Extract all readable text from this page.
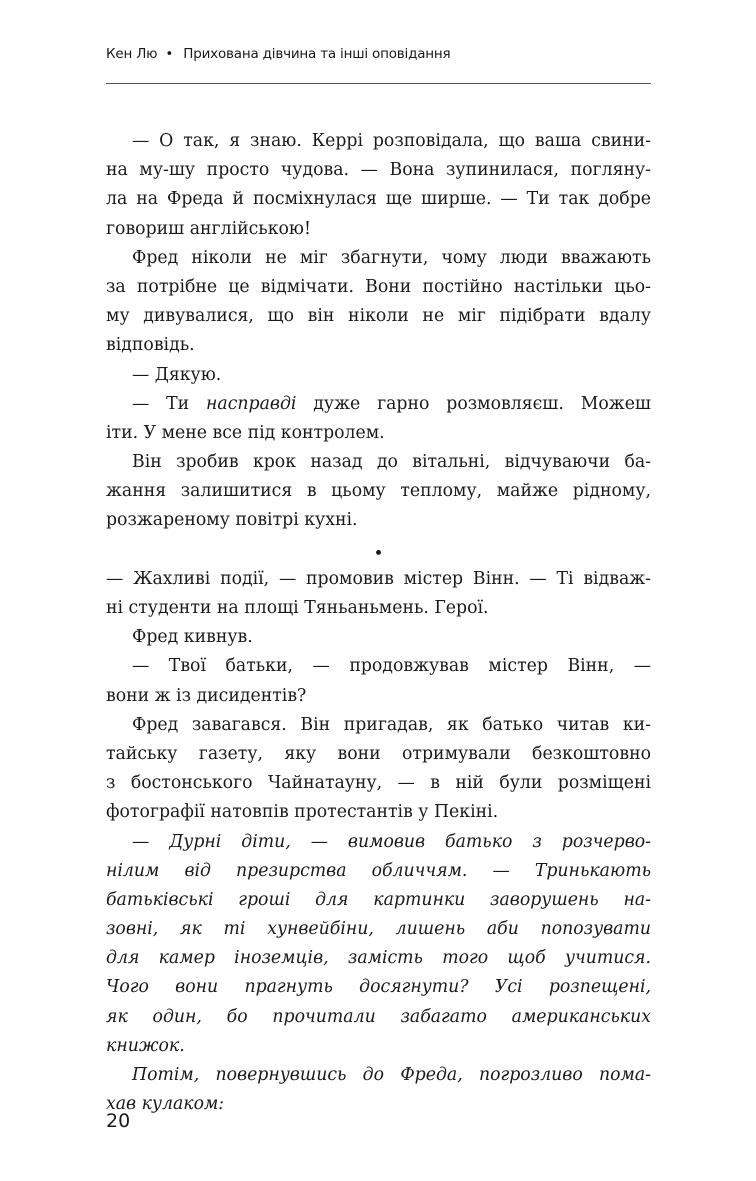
Кен Лю • Прихована дівчина та інші оповідання
— О так, я знаю. Керрі розповідала, що ваша свини-
на му-шу просто чудова. — Вона зупинилася, погляну-
ла на Фреда й посміхнулася ще ширше. — Ти так добре
говориш англійською!
Фред ніколи не міг збагнути, чому люди вважають
за потрібне це відмічати. Вони постійно настільки цьо-
му дивувалися, що він ніколи не міг підібрати вдалу
відповідь.
— Дякую.
— Ти насправді дуже гарно розмовляєш. Можеш
іти. У мене все під контролем.
Він зробив крок назад до вітальні, відчуваючи ба-
жання залишитися в цьому теплому, майже рідному,
розжареному повітрі кухні.
•
— Жахливі події, — промовив містер Вінн. — Ті відваж-
ні студенти на площі Тяньаньмень. Герої.
Фред кивнув.
— Твої батьки, — продовжував містер Вінн, —
вони ж із дисидентів?
Фред завагався. Він пригадав, як батько читав ки-
тайську газету, яку вони отримували безкоштовно
з бостонського Чайнатауну, — в ній були розміщені
фотографії натовпів протестантів у Пекіні.
— Дурні діти, — вимовив батько з розчерво-
нілим від презирства обличчям. — Тринькають
батьківські гроші для картинки заворушень на-
зовні, як ті хунвейбіни, лишень аби попозувати
для камер іноземців, замість того щоб учитися.
Чого вони прагнуть досягнути? Усі розпещені,
як один, бо прочитали забагато американських
книжок.
Потім, повернувшись до Фреда, погрозливо пома-
хав кулаком:
20
